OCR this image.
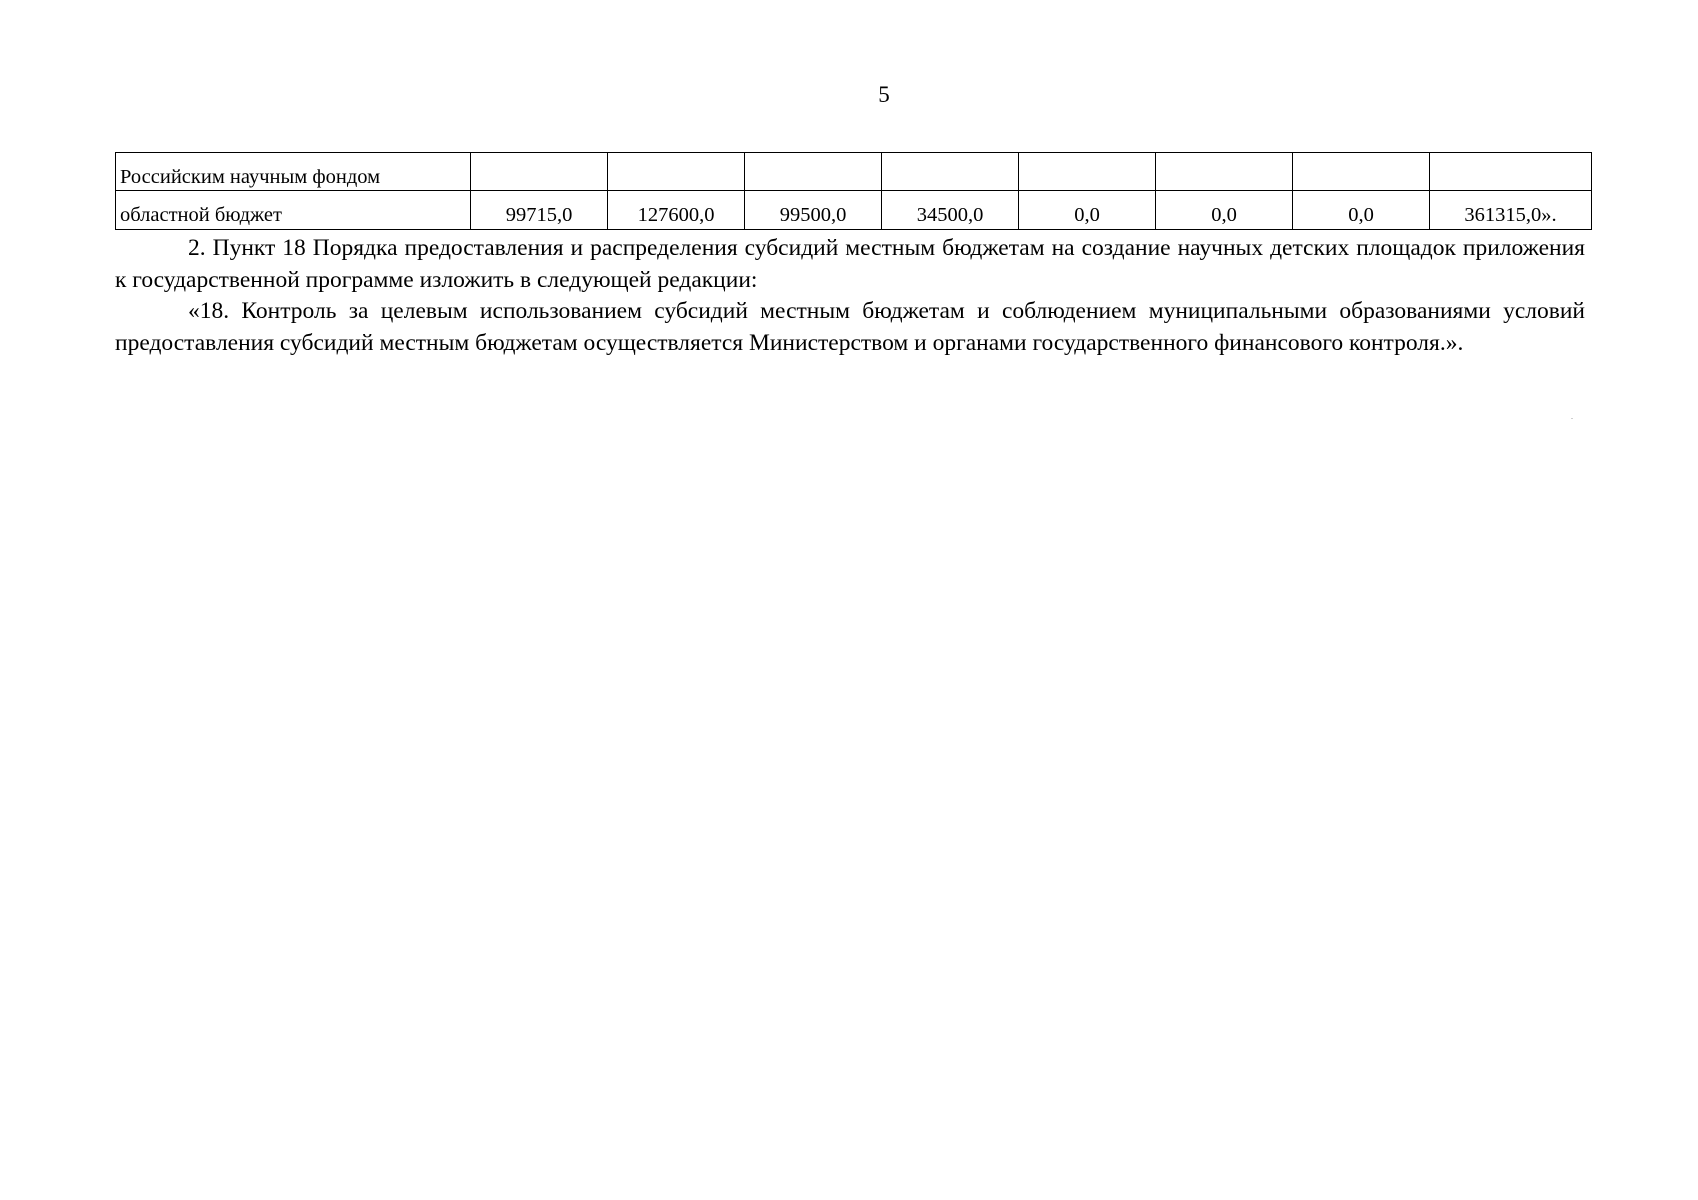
5
Российским научным фондом								
областной бюджет	99715,0	127600,0	99500,0	34500,0	0,0	0,0	0,0	361315,0».

2. Пункт 18 Порядка предоставления и распределения субсидий местным бюджетам на создание научных детских площадок приложения к государственной программе изложить в следующей редакции:

«18. Контроль за целевым использованием субсидий местным бюджетам и соблюдением муниципальными образованиями условий предоставления субсидий местным бюджетам осуществляется Министерством и органами государственного финансового контроля.».
